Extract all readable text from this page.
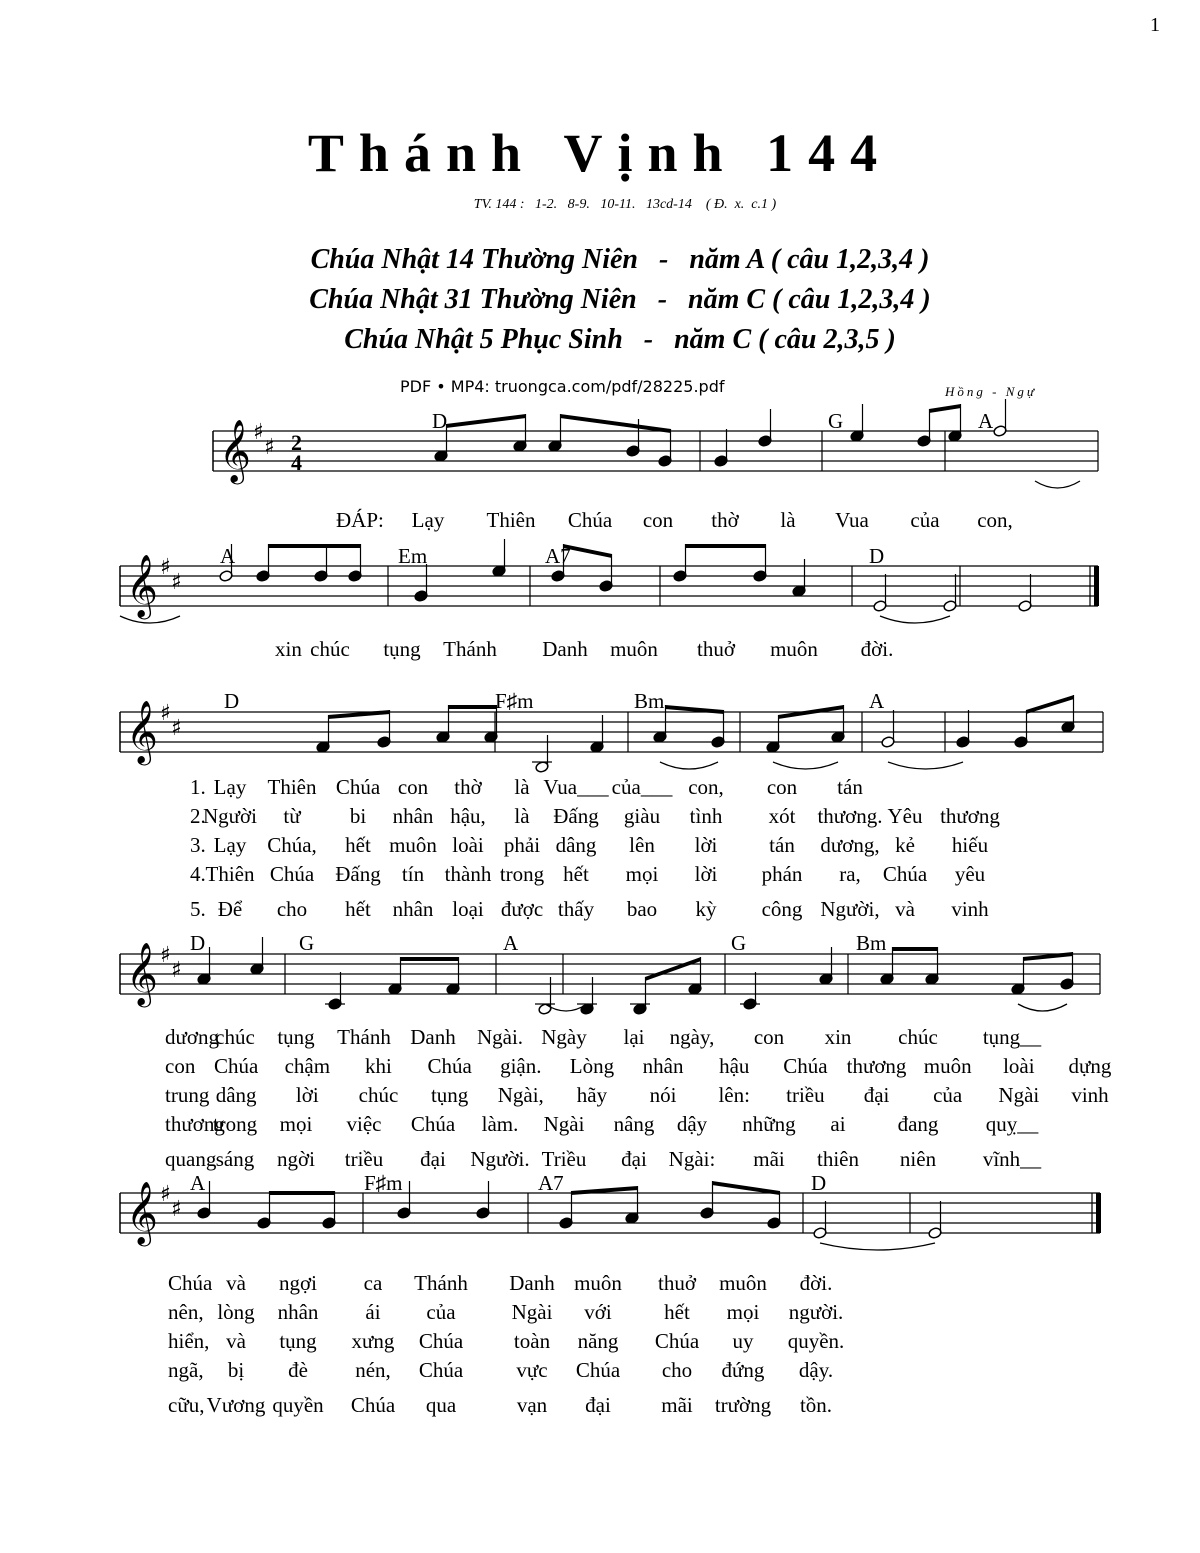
1
Thánh Vịnh 144
TV. 144 :   1-2.   8-9.   10-11.   13cd-14    ( Đ.  x.  c.1 )
Chúa Nhật 14 Thường Niên   -   năm A ( câu 1,2,3,4 )
Chúa Nhật 31 Thường Niên   -   năm C ( câu 1,2,3,4 )
Chúa Nhật 5 Phục Sinh   -   năm C ( câu 2,3,5 )
PDF • MP4: truongca.com/pdf/28225.pdf	Hồng - Ngự
𝄞 ♯
♯ 2
4
D	G	A
ĐÁP: Lạy Thiên Chúa con thờ là Vua của con,
𝄞 ♯
♯
A	Em	A7	D
xin chúc tụng Thánh Danh muôn thuở muôn đời.
𝄞 ♯
♯
D	F♯m	Bm	A
1. Lạy Thiên Chúa con thờ là Vua___ của___ con, con tán
2.
Người từ bi nhân hậu, là Đấng giàu tình xót thương. Yêu thương
3. Lạy Chúa, hết muôn loài phải dâng lên lời tán dương, kẻ hiếu
4. Thiên Chúa Đấng tín thành trong hết mọi lời phán ra, Chúa yêu
5. Để cho hết nhân loại được thấy bao kỳ công Người, và vinh
𝄞 ♯
♯
D	G	A	G	Bm
dương
chúc tụng Thánh Danh Ngài. Ngày lại ngày, con xin chúc tụng__
con Chúa chậm khi Chúa giận. Lòng nhân hậu Chúa thương muôn loài dựng
trung dâng lời chúc tụng Ngài, hãy nói lên: triều đại của Ngài vinh
thương
trong mọi việc Chúa làm. Ngài nâng dậy những ai đang quỵ__
quang sáng ngời triều đại Người. Triều đại Ngài: mãi thiên niên vĩnh__
𝄞 ♯
♯
A	F♯m	A7	D
Chúa và ngợi ca Thánh Danh muôn thuở muôn đời.
nên, lòng nhân ái của	Ngài với hết mọi người.
hiển, và tụng xưng Chúa toàn năng Chúa uy quyền.
ngã, bị đè nén, Chúa	vực Chúa cho đứng dậy.
cữu, Vương quyền Chúa qua	vạn đại mãi trường tồn.
